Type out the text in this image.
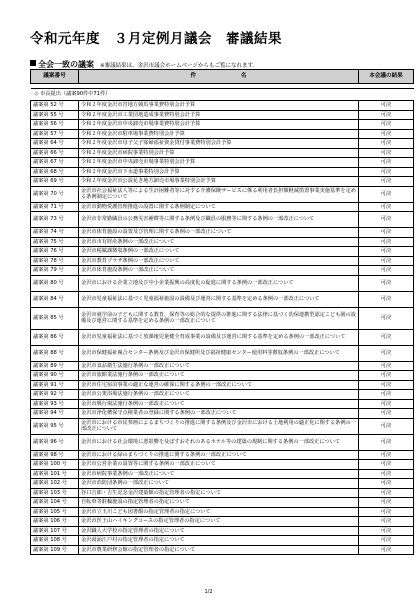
令和元年度　３月定例月議会　審議結果
全会一致の議案 ※審議結果は、金沢市議会ホームページからもご覧になれます。
議案番号	件　　　　　　　　名	本会議の結果

◇ 市長提出（議案90件中71件）		
議案第 52 号	令和２年度金沢市宮地方競馬事業費特別会計予算	可決
議案第 55 号	令和２年度金沢市工業団地造成事業費特別会計予算	可決
議案第 56 号	令和２年度金沢市中央卸売市場事業費特別会計予算	可決
議案第 57 号	令和２年度金沢市駐車場事業費特別会計予算	可決
議案第 64 号	令和２年度金沢市母子父子寡婦福祉資金貸付事業費特別会計予算	可決
議案第 66 号	令和２年度金沢市病院事業特別会計予算	可決
議案第 67 号	令和２年度金沢市中央卸売市場事業特別会計予算	可決
議案第 68 号	令和２年度金沢市下水道事業特別会計予算	可決
議案第 69 号	令和２年度金沢市公設花き地方卸売市場事業特別会計予算	可決
議案第 70 号	金沢市社会福祉法人等による生計困難者等に対する介護保険サービスに係る利用者負担額軽減措置事業実施基準を定める条例制定について	可決
議案第 71 号	金沢市動物愛護管理推進の設置に関する条例制定について	可決
議案第 73 号	金沢市非常勤職員の公務災害補償等に関する条例及び職員の服務等に関する条例の一部改正について	可決
議案第 74 号	金沢市体育施設の設置及び管理に関する条例の一部改正について	可決
議案第 75 号	金沢市市有財産条例の一部改正について	可決
議案第 76 号	金沢市税賦課徴収条例の一部改正について	可決
議案第 78 号	金沢市教育プラザ条例の一部改正について	可決
議案第 79 号	金沢市体育施設条例の一部改正について	可決
議案第 80 号	金沢市における企業立地及び中小企業振興の高度化の促進に関する条例の一部改正について	可決
議案第 84 号	金沢市児童福祉法に基づく児童福祉施設の設備及び運営に関する基準を定める条例の一部改正について	可決
議案第 85 号	金沢市就学前の子どもに関する教育、保育等の総合的な提供の推進に関する法律に基づく幼保連携型認定こども園の設備及び運営に関する基準を定める条例の一部改正について	可決
議案第 86 号	金沢市児童福祉法に基づく放課後児童健全育成事業の設備及び運営に関する基準を定める条例の一部改正について	可決
議案第 88 号	金沢市保健福祉複合センター条例及び金沢市保健所及び福祉健康センター使用料等徴収条例の一部改正について	可決
議案第 89 号	金沢市食品衛生法施行条例の一部改正について	可決
議案第 90 号	金沢市旅館業法施行条例の一部改正について	可決
議案第 91 号	金沢市住宅宿泊事業の適正な運営の確保に関する条例の一部改正について	可決
議案第 92 号	金沢市公衆浴場法施行条例の一部改正について	可決
議案第 93 号	金沢市興行場法施行条例の一部改正について	可決
議案第 94 号	金沢市浄化槽保守点検業者の登録に関する条例の一部改正について	可決
議案第 95 号	金沢市における市民参画によるまちづくりの推進に関する条例及び金沢市における土地利用の適正化に関する条例の一部改正について	可決
議案第 96 号	金沢市における社会環境に悪影響を及ぼすおそれのあるホテル等の建築の規制に関する条例の一部改正について	可決
議案第 98 号	金沢市における緑のまちづくりの推進に関する条例の一部改正について	可決
議案第 100 号	金沢市公営企業の設置等に関する条例の一部改正について	可決
議案第 101 号	金沢市病院事業条例の一部改正について	可決
議案第 102 号	金沢市消防団条例の一部改正について	可決
議案第 103 号	谷口吉郎・吉生記念金沢建築館の指定管理者の指定について	可決
議案第 104 号	自転車等駐輪施設の指定管理者の指定について	可決
議案第 105 号	金沢市立玉川こども図書館の指定管理者の指定について	可決
議案第 106 号	金沢市医王山ハイキングコースの指定管理者の指定について	可決
議案第 107 号	金沢職人大学校の指定管理者の指定について	可決
議案第 108 号	金沢湯涌江戸村の指定管理者の指定について	可決
議案第 109 号	金沢市農業研修会館の指定管理者の指定について	可決
1/2
